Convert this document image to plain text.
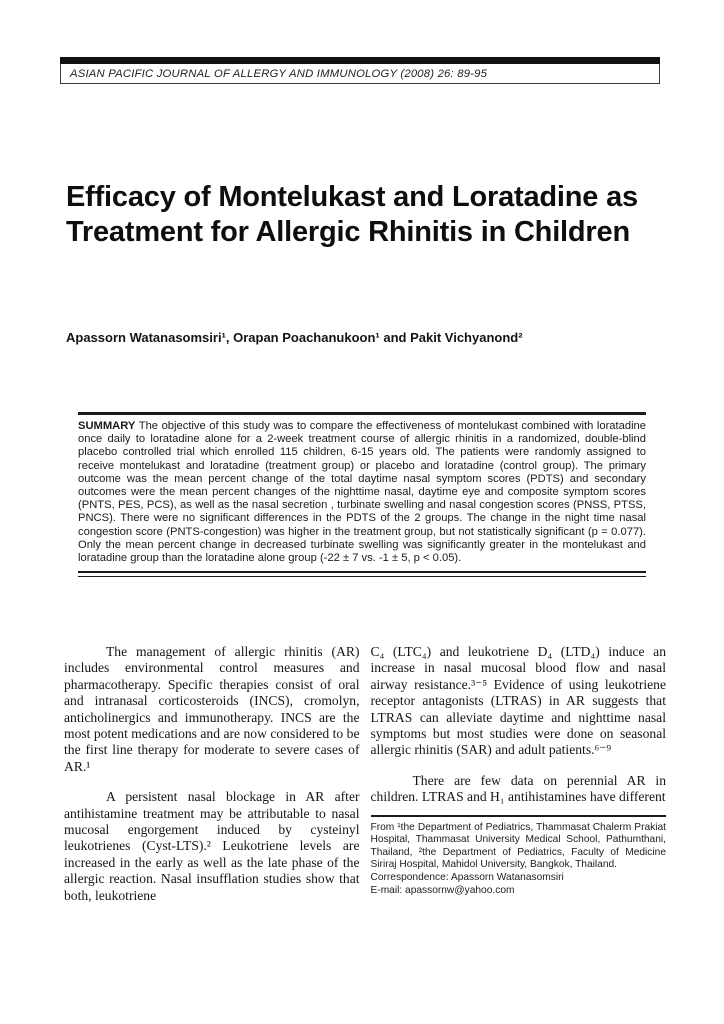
ASIAN PACIFIC JOURNAL OF ALLERGY AND IMMUNOLOGY (2008) 26: 89-95
Efficacy of Montelukast and Loratadine as Treatment for Allergic Rhinitis in Children
Apassorn Watanasomsiri¹, Orapan Poachanukoon¹ and Pakit Vichyanond²

SUMMARY The objective of this study was to compare the effectiveness of montelukast combined with loratadine once daily to loratadine alone for a 2-week treatment course of allergic rhinitis in a randomized, double-blind placebo controlled trial which enrolled 115 children, 6-15 years old. The patients were randomly assigned to receive montelukast and loratadine (treatment group) or placebo and loratadine (control group). The primary outcome was the mean percent change of the total daytime nasal symptom scores (PDTS) and secondary outcomes were the mean percent changes of the nighttime nasal, daytime eye and composite symptom scores (PNTS, PES, PCS), as well as the nasal secretion , turbinate swelling and nasal congestion scores (PNSS, PTSS, PNCS). There were no significant differences in the PDTS of the 2 groups. The change in the night time nasal congestion score (PNTS-congestion) was higher in the treatment group, but not statistically significant (p = 0.077). Only the mean percent change in decreased turbinate swelling was significantly greater in the montelukast and loratadine group than the loratadine alone group (-22 ± 7 vs. -1 ± 5, p < 0.05).

The management of allergic rhinitis (AR) includes environmental control measures and pharmacotherapy. Specific therapies consist of oral and intranasal corticosteroids (INCS), cromolyn, anticholinergics and immunotherapy. INCS are the most potent medications and are now considered to be the first line therapy for moderate to severe cases of AR.¹

A persistent nasal blockage in AR after antihistamine treatment may be attributable to nasal mucosal engorgement induced by cysteinyl leukotrienes (Cyst-LTS).² Leukotriene levels are increased in the early as well as the late phase of the allergic reaction. Nasal insufflation studies show that both, leukotriene

C₄ (LTC₄) and leukotriene D₄ (LTD₄) induce an increase in nasal mucosal blood flow and nasal airway resistance.³⁻⁵ Evidence of using leukotriene receptor antagonists (LTRAS) in AR suggests that LTRAS can alleviate daytime and nighttime nasal symptoms but most studies were done on seasonal allergic rhinitis (SAR) and adult patients.⁶⁻⁹

There are few data on perennial AR in children. LTRAS and H₁ antihistamines have different

From ¹the Department of Pediatrics, Thammasat Chalerm Prakiat Hospital, Thammasat University Medical School, Pathumthani, Thailand, ²the Department of Pediatrics, Faculty of Medicine Siriraj Hospital, Mahidol University, Bangkok, Thailand.

Correspondence: Apassorn Watanasomsiri

E-mail: apassornw@yahoo.com
